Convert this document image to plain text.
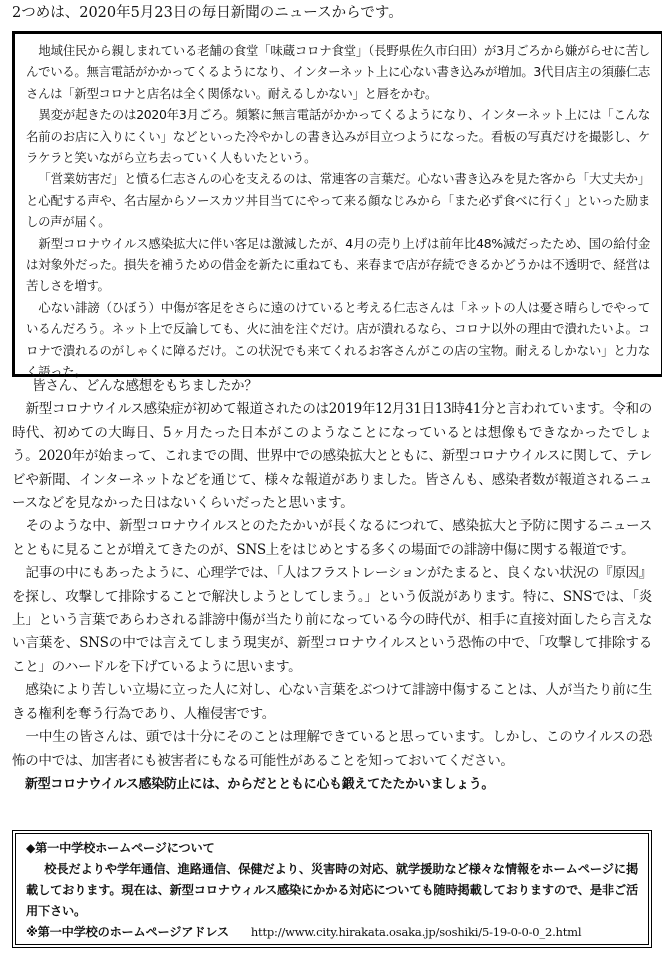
2つめは、2020年5月23日の毎日新聞のニュースからです。

地域住民から親しまれている老舗の食堂「味蔵コロナ食堂」（長野県佐久市臼田）が3月ごろから嫌がらせに苦しんでいる。無言電話がかかってくるようになり、インターネット上に心ない書き込みが増加。3代目店主の須藤仁志さんは「新型コロナと店名は全く関係ない。耐えるしかない」と唇をかむ。

異変が起きたのは2020年3月ごろ。頻繁に無言電話がかかってくるようになり、インターネット上には「こんな名前のお店に入りにくい」などといった冷やかしの書き込みが目立つようになった。看板の写真だけを撮影し、ケラケラと笑いながら立ち去っていく人もいたという。

「営業妨害だ」と憤る仁志さんの心を支えるのは、常連客の言葉だ。心ない書き込みを見た客から「大丈夫か」と心配する声や、名古屋からソースカツ丼目当てにやって来る顔なじみから「また必ず食べに行く」といった励ましの声が届く。

新型コロナウイルス感染拡大に伴い客足は激減したが、4月の売り上げは前年比48%減だったため、国の給付金は対象外だった。損失を補うための借金を新たに重ねても、来春まで店が存続できるかどうかは不透明で、経営は苦しさを増す。

心ない誹謗（ひぼう）中傷が客足をさらに遠のけていると考える仁志さんは「ネットの人は憂さ晴らしでやっているんだろう。ネット上で反論しても、火に油を注ぐだけ。店が潰れるなら、コロナ以外の理由で潰れたいよ。コロナで潰れるのがしゃくに障るだけ。この状況でも来てくれるお客さんがこの店の宝物。耐えるしかない」と力なく語った。

皆さん、どんな感想をもちましたか？

新型コロナウイルス感染症が初めて報道されたのは2019年12月31日13時41分と言われています。令和の時代、初めての大晦日、5ヶ月たった日本がこのようなことになっているとは想像もできなかったでしょう。2020年が始まって、これまでの間、世界中での感染拡大とともに、新型コロナウイルスに関して、テレビや新聞、インターネットなどを通じて、様々な報道がありました。皆さんも、感染者数が報道されるニュースなどを見なかった日はないくらいだったと思います。

そのような中、新型コロナウイルスとのたたかいが長くなるにつれて、感染拡大と予防に関するニュースとともに見ることが増えてきたのが、SNS上をはじめとする多くの場面での誹謗中傷に関する報道です。

記事の中にもあったように、心理学では、「人はフラストレーションがたまると、良くない状況の『原因』を探し、攻撃して排除することで解決しようとしてしまう。」という仮説があります。特に、SNSでは、「炎上」という言葉であらわされる誹謗中傷が当たり前になっている今の時代が、相手に直接対面したら言えない言葉を、SNSの中では言えてしまう現実が、新型コロナウイルスという恐怖の中で、「攻撃して排除すること」のハードルを下げているように思います。

感染により苦しい立場に立った人に対し、心ない言葉をぶつけて誹謗中傷することは、人が当たり前に生きる権利を奪う行為であり、人権侵害です。

一中生の皆さんは、頭では十分にそのことは理解できていると思っています。しかし、このウイルスの恐怖の中では、加害者にも被害者にもなる可能性があることを知っておいてください。

新型コロナウイルス感染防止には、からだとともに心も鍛えてたたかいましょう。

◆第一中学校ホームページについて

校長だよりや学年通信、進路通信、保健だより、災害時の対応、就学援助など様々な情報をホームページに掲載しております。現在は、新型コロナウィルス感染にかかる対応についても随時掲載しておりますので、是非ご活用下さい。

※第一中学校のホームページアドレス http://www.city.hirakata.osaka.jp/soshiki/5-19-0-0-0_2.html
